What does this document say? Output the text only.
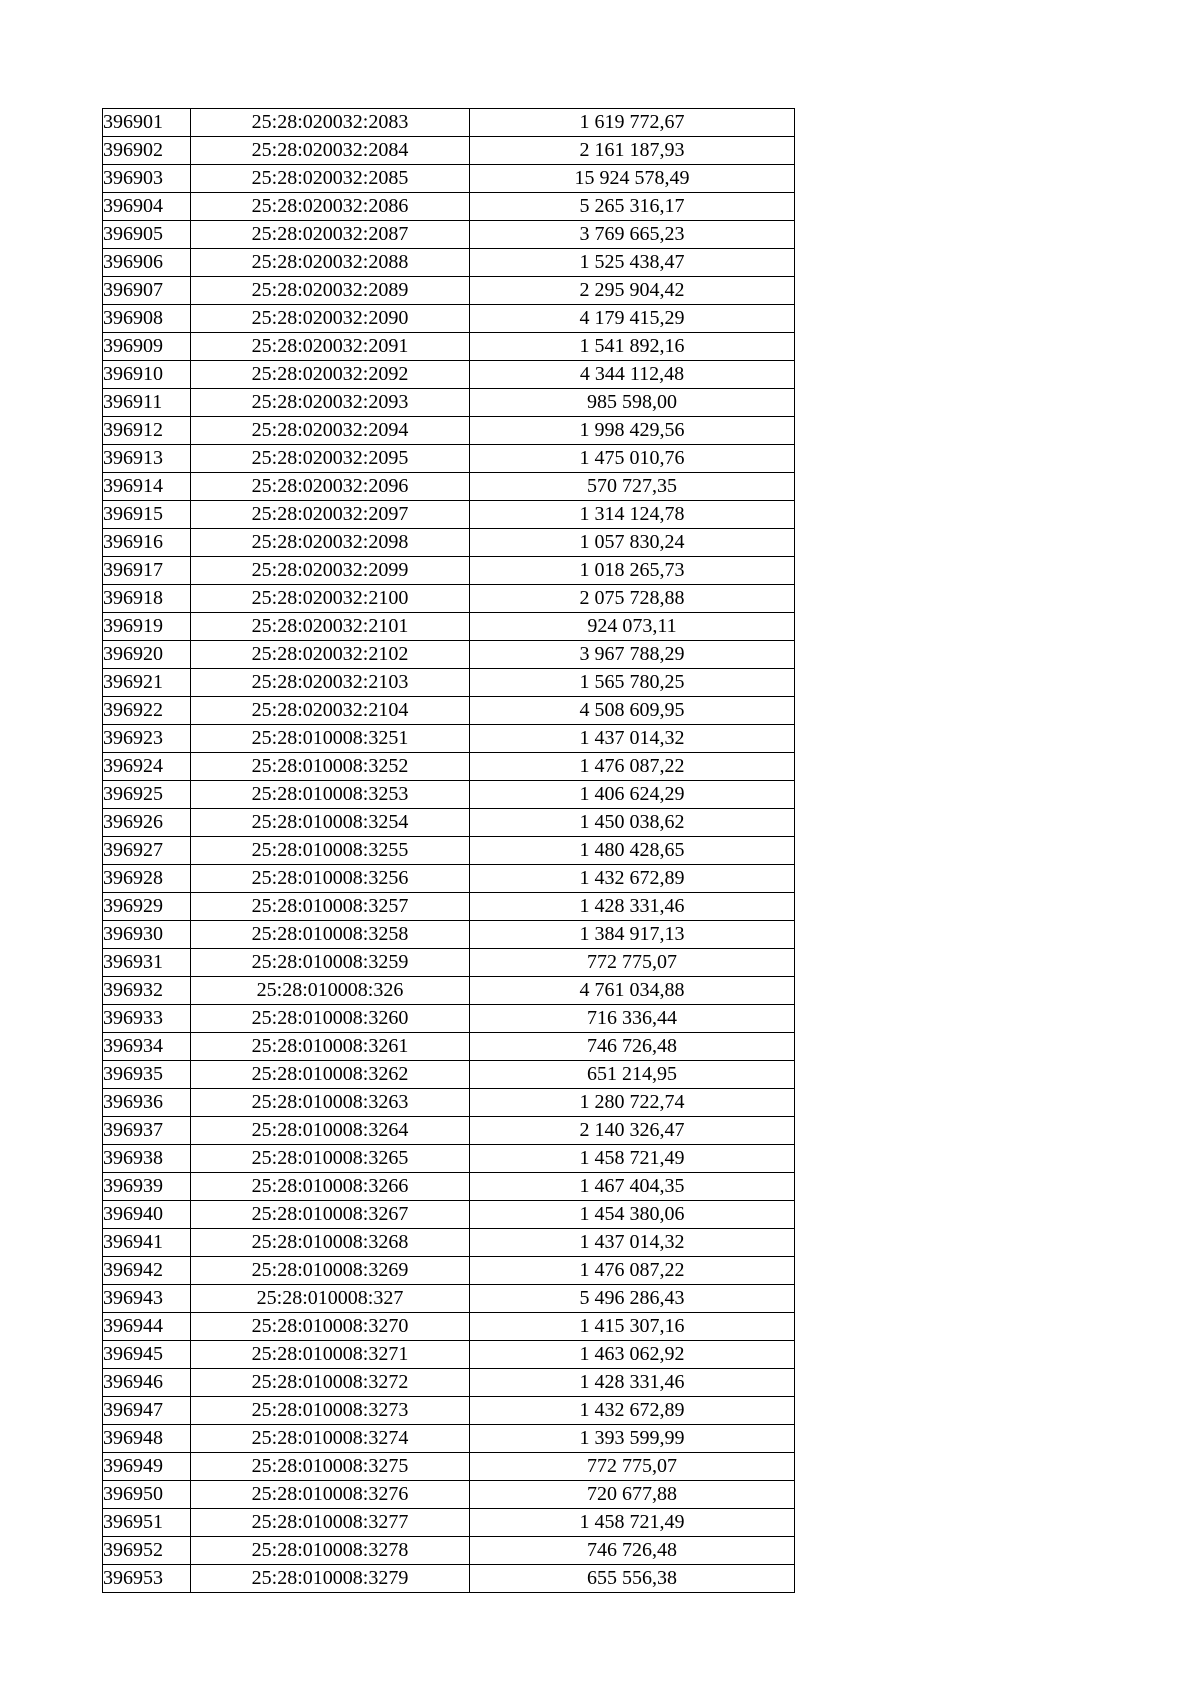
396901	25:28:020032:2083	1 619 772,67
396902	25:28:020032:2084	2 161 187,93
396903	25:28:020032:2085	15 924 578,49
396904	25:28:020032:2086	5 265 316,17
396905	25:28:020032:2087	3 769 665,23
396906	25:28:020032:2088	1 525 438,47
396907	25:28:020032:2089	2 295 904,42
396908	25:28:020032:2090	4 179 415,29
396909	25:28:020032:2091	1 541 892,16
396910	25:28:020032:2092	4 344 112,48
396911	25:28:020032:2093	985 598,00
396912	25:28:020032:2094	1 998 429,56
396913	25:28:020032:2095	1 475 010,76
396914	25:28:020032:2096	570 727,35
396915	25:28:020032:2097	1 314 124,78
396916	25:28:020032:2098	1 057 830,24
396917	25:28:020032:2099	1 018 265,73
396918	25:28:020032:2100	2 075 728,88
396919	25:28:020032:2101	924 073,11
396920	25:28:020032:2102	3 967 788,29
396921	25:28:020032:2103	1 565 780,25
396922	25:28:020032:2104	4 508 609,95
396923	25:28:010008:3251	1 437 014,32
396924	25:28:010008:3252	1 476 087,22
396925	25:28:010008:3253	1 406 624,29
396926	25:28:010008:3254	1 450 038,62
396927	25:28:010008:3255	1 480 428,65
396928	25:28:010008:3256	1 432 672,89
396929	25:28:010008:3257	1 428 331,46
396930	25:28:010008:3258	1 384 917,13
396931	25:28:010008:3259	772 775,07
396932	25:28:010008:326	4 761 034,88
396933	25:28:010008:3260	716 336,44
396934	25:28:010008:3261	746 726,48
396935	25:28:010008:3262	651 214,95
396936	25:28:010008:3263	1 280 722,74
396937	25:28:010008:3264	2 140 326,47
396938	25:28:010008:3265	1 458 721,49
396939	25:28:010008:3266	1 467 404,35
396940	25:28:010008:3267	1 454 380,06
396941	25:28:010008:3268	1 437 014,32
396942	25:28:010008:3269	1 476 087,22
396943	25:28:010008:327	5 496 286,43
396944	25:28:010008:3270	1 415 307,16
396945	25:28:010008:3271	1 463 062,92
396946	25:28:010008:3272	1 428 331,46
396947	25:28:010008:3273	1 432 672,89
396948	25:28:010008:3274	1 393 599,99
396949	25:28:010008:3275	772 775,07
396950	25:28:010008:3276	720 677,88
396951	25:28:010008:3277	1 458 721,49
396952	25:28:010008:3278	746 726,48
396953	25:28:010008:3279	655 556,38
